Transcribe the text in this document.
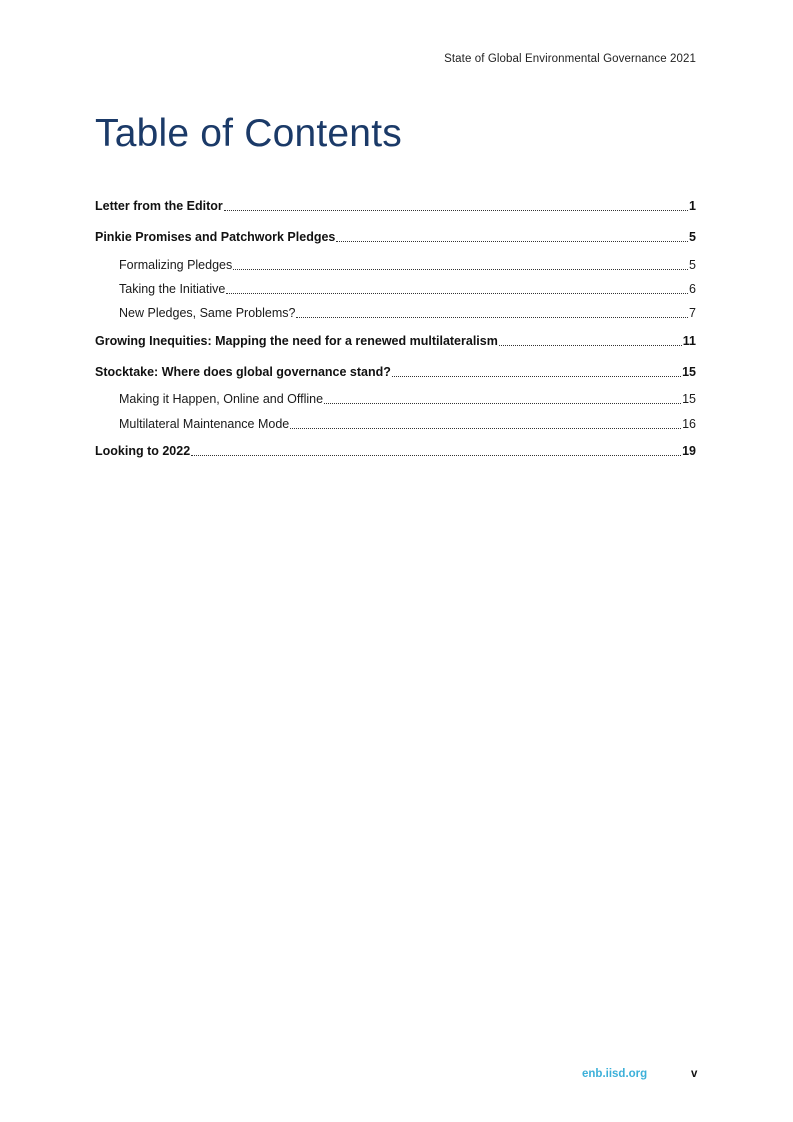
State of Global Environmental Governance 2021
Table of Contents
Letter from the Editor	1
Pinkie Promises and Patchwork Pledges	5
Formalizing Pledges	5
Taking the Initiative	6
New Pledges, Same Problems?	7
Growing Inequities: Mapping the need for a renewed multilateralism	11
Stocktake: Where does global governance stand?	15
Making it Happen, Online and Offline	15
Multilateral Maintenance Mode	16
Looking to 2022	19
enb.iisd.org	v
